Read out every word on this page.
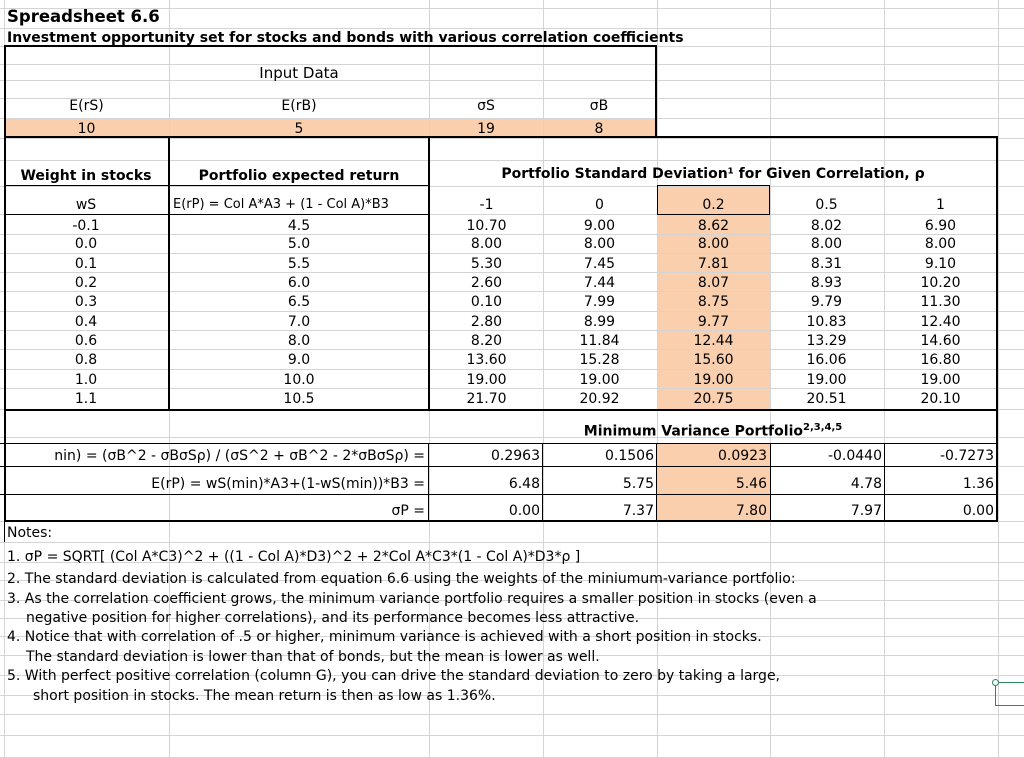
Spreadsheet 6.6
Investment opportunity set for stocks and bonds with various correlation coefficients
Input Data
E(rS)	E(rB)	σS	σB
10	5	19	8
Weight in stocks	Portfolio expected return	Portfolio Standard Deviation¹ for Given Correlation, ρ
wS	E(rP) = Col A*A3 + (1 - Col A)*B3	-1	0	0.2	0.5	1
-0.1	4.5	10.70	9.00	8.62	8.02	6.90
0.0	5.0	8.00	8.00	8.00	8.00	8.00
0.1	5.5	5.30	7.45	7.81	8.31	9.10
0.2	6.0	2.60	7.44	8.07	8.93	10.20
0.3	6.5	0.10	7.99	8.75	9.79	11.30
0.4	7.0	2.80	8.99	9.77	10.83	12.40
0.6	8.0	8.20	11.84	12.44	13.29	14.60
0.8	9.0	13.60	15.28	15.60	16.06	16.80
1.0	10.0	19.00	19.00	19.00	19.00	19.00
1.1	10.5	21.70	20.92	20.75	20.51	20.10
Minimum Variance Portfolio$^{2,3,4,5}$
nin) = (σB^2 - σBσSρ) / (σS^2 + σB^2 - 2*σBσSρ) =	0.2963	0.1506	0.0923	-0.0440	-0.7273
E(rP) = wS(min)*A3+(1-wS(min))*B3 =	6.48	5.75	5.46	4.78	1.36
σP =	0.00	7.37	7.80	7.97	0.00
Notes:
1. σP = SQRT[ (Col A*C3)^2 + ((1 - Col A)*D3)^2 + 2*Col A*C3*(1 - Col A)*D3*ρ ]
2. The standard deviation is calculated from equation 6.6 using the weights of the miniumum-variance portfolio:
3. As the correlation coefficient grows, the minimum variance portfolio requires a smaller position in stocks (even a
negative position for higher correlations), and its performance becomes less attractive.
4. Notice that with correlation of .5 or higher, minimum variance is achieved with a short position in stocks.
The standard deviation is lower than that of bonds, but the mean is lower as well.
5. With perfect positive correlation (column G), you can drive the standard deviation to zero by taking a large,
short position in stocks. The mean return is then as low as 1.36%.
